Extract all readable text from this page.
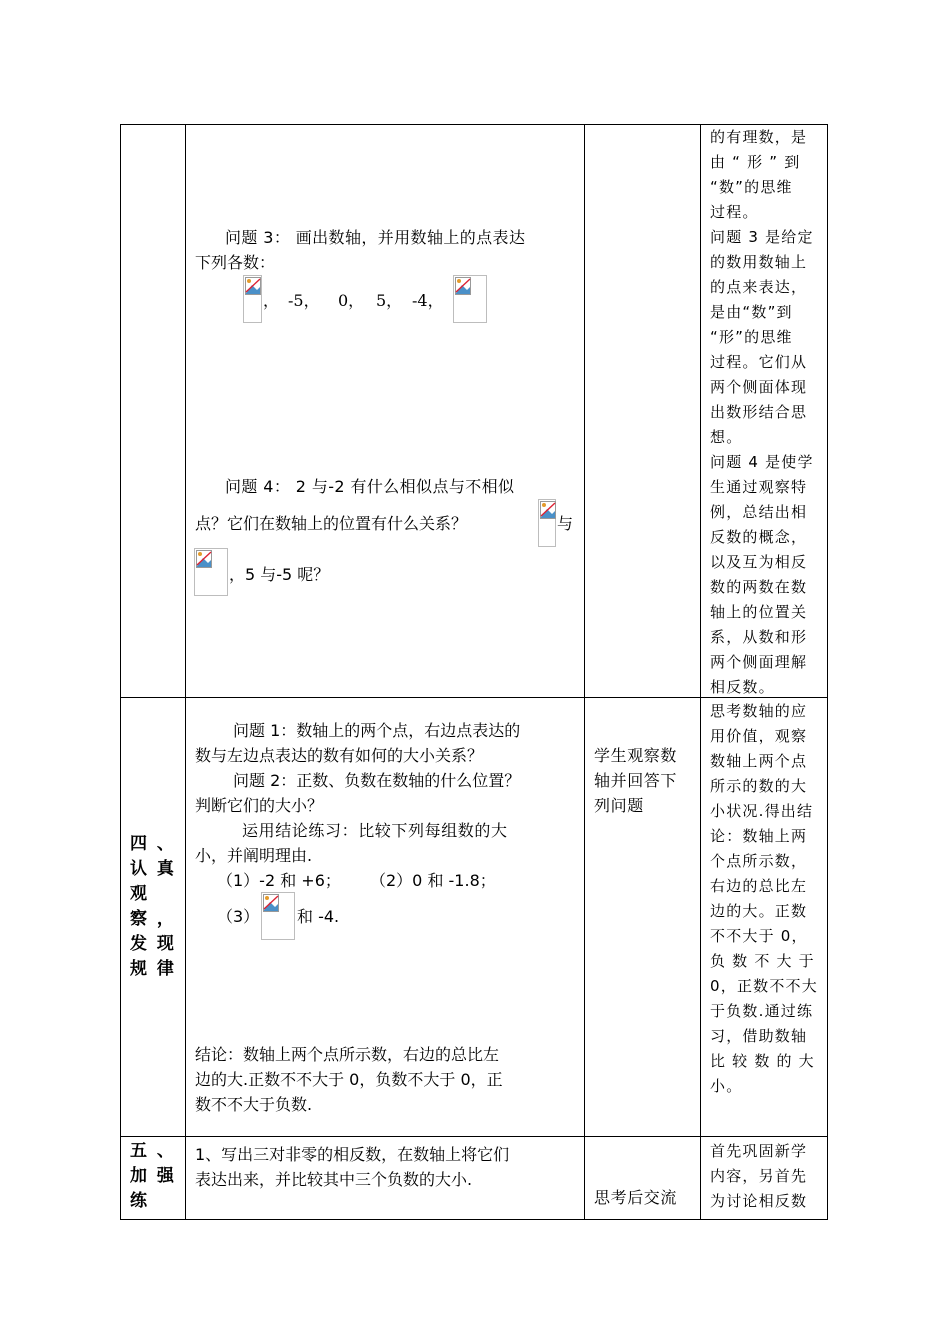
问题 3： 画出数轴，并用数轴上的点表达
下列各数：
， -5， 0， 5， -4，
问题 4： 2 与-2 有什么相似点与不相似
点？它们在数轴上的位置有什么关系？	与
，5 与-5 呢？
的有理数，是
由 “ 形 ” 到
“数”的思维
过程。
问题 3 是给定
的数用数轴上
的点来表达，
是由“数”到
“形”的思维
过程。它们从
两个侧面体现
出数形结合思
想。
问题 4 是使学
生通过观察特
例，总结出相
反数的概念，
以及互为相反
数的两数在数
轴上的位置关
系，从数和形
两个侧面理解
相反数。
四 、
认 真
观
察 ，
发 现
规 律
问题 1：数轴上的两个点，右边点表达的
数与左边点表达的数有如何的大小关系？
问题 2：正数、负数在数轴的什么位置？
判断它们的大小？
运用结论练习：比较下列每组数的大
小，并阐明理由.
（1）-2 和 +6； （2）0 和 -1.8；
（3） 和 -4.
结论：数轴上两个点所示数，右边的总比左
边的大.正数不不大于 0，负数不大于 0，正
数不不大于负数.
学生观察数
轴并回答下
列问题
思考数轴的应
用价值，观察
数轴上两个点
所示的数的大
小状况.得出结
论：数轴上两
个点所示数，
右边的总比左
边的大。正数
不不大于 0，
负 数 不 大 于
0，正数不不大
于负数.通过练
习，借助数轴
比 较 数 的 大
小。
五 、
加 强
练
1、写出三对非零的相反数，在数轴上将它们
表达出来，并比较其中三个负数的大小.
思考后交流
首先巩固新学
内容，另首先
为讨论相反数
